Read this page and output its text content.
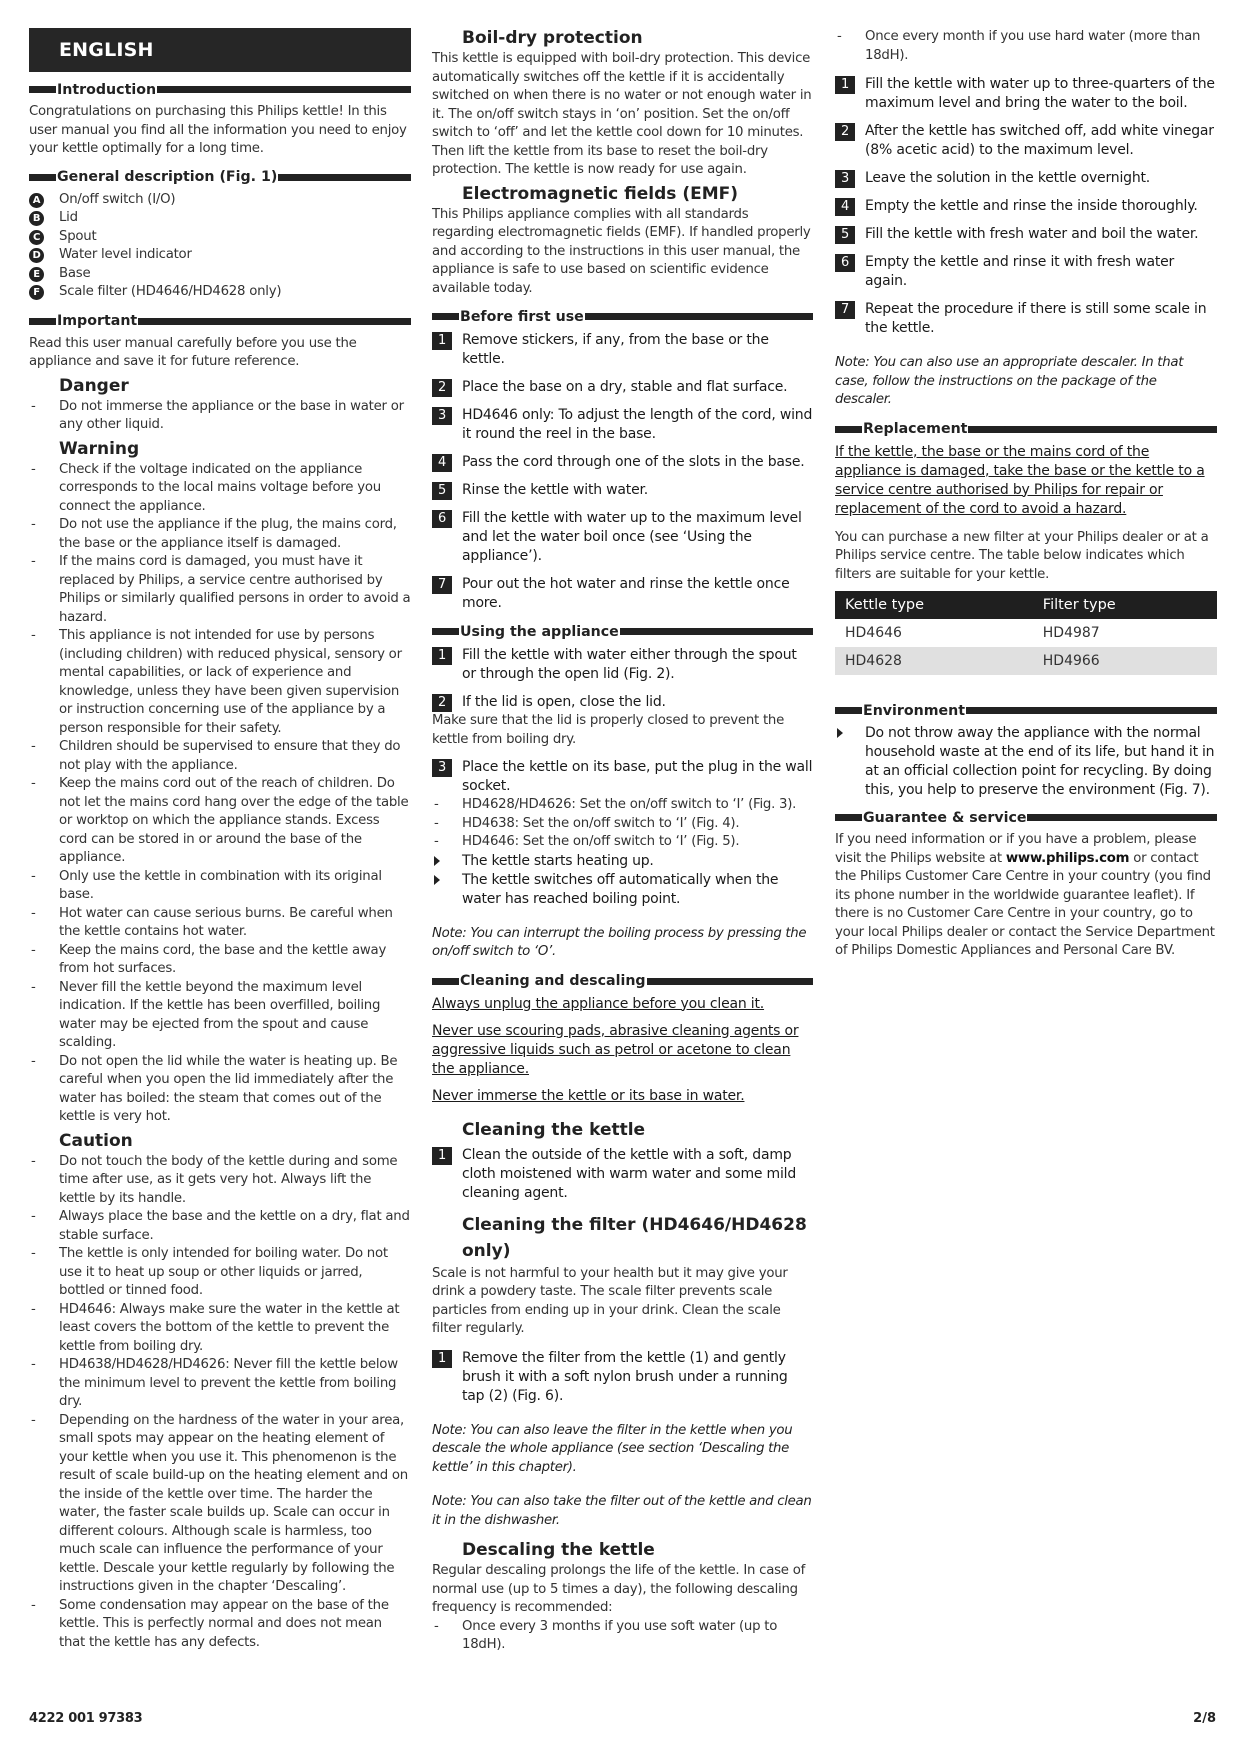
ENGLISH
Introduction

Congratulations on purchasing this Philips kettle! In this user manual you find all the information you need to enjoy your kettle optimally for a long time.

General description (Fig. 1)
A On/off switch (I/O)
B Lid
C Spout
D Water level indicator
E	Base
F	Scale filter (HD4646/HD4628 only)
Important

Read this user manual carefully before you use the appliance and save it for future reference.

Danger
- Do not immerse the appliance or the base in water or any other liquid.
Warning
- Check if the voltage indicated on the appliance corresponds to the local mains voltage before you connect the appliance.
- Do not use the appliance if the plug, the mains cord, the base or the appliance itself is damaged.
- If the mains cord is damaged, you must have it replaced by Philips, a service centre authorised by Philips or similarly qualified persons in order to avoid a hazard.
- This appliance is not intended for use by persons (including children) with reduced physical, sensory or mental capabilities, or lack of experience and knowledge, unless they have been given supervision or instruction concerning use of the appliance by a person responsible for their safety.
- Children should be supervised to ensure that they do not play with the appliance.
- Keep the mains cord out of the reach of children. Do not let the mains cord hang over the edge of the table or worktop on which the appliance stands. Excess cord can be stored in or around the base of the appliance.
- Only use the kettle in combination with its original base.
- Hot water can cause serious burns. Be careful when the kettle contains hot water.
- Keep the mains cord, the base and the kettle away from hot surfaces.
- Never fill the kettle beyond the maximum level indication. If the kettle has been overfilled, boiling water may be ejected from the spout and cause scalding.
- Do not open the lid while the water is heating up. Be careful when you open the lid immediately after the water has boiled: the steam that comes out of the kettle is very hot.
Caution
- Do not touch the body of the kettle during and some time after use, as it gets very hot. Always lift the kettle by its handle.
- Always place the base and the kettle on a dry, flat and stable surface.
- The kettle is only intended for boiling water. Do not use it to heat up soup or other liquids or jarred, bottled or tinned food.
- HD4646: Always make sure the water in the kettle at least covers the bottom of the kettle to prevent the kettle from boiling dry.
- HD4638/HD4628/HD4626: Never fill the kettle below the minimum level to prevent the kettle from boiling dry.
- Depending on the hardness of the water in your area, small spots may appear on the heating element of your kettle when you use it. This phenomenon is the result of scale build-up on the heating element and on the inside of the kettle over time. The harder the water, the faster scale builds up. Scale can occur in different colours. Although scale is harmless, too much scale can influence the performance of your kettle. Descale your kettle regularly by following the instructions given in the chapter ‘Descaling’.
- Some condensation may appear on the base of the kettle. This is perfectly normal and does not mean that the kettle has any defects.
Boil-dry protection

This kettle is equipped with boil-dry protection. This device automatically switches off the kettle if it is accidentally switched on when there is no water or not enough water in it. The on/off switch stays in ‘on’ position. Set the on/off switch to ‘off’ and let the kettle cool down for 10 minutes. Then lift the kettle from its base to reset the boil-dry protection. The kettle is now ready for use again.

Electromagnetic fields (EMF)

This Philips appliance complies with all standards regarding electromagnetic fields (EMF). If handled properly and according to the instructions in this user manual, the appliance is safe to use based on scientific evidence available today.

Before first use
1	Remove stickers, if any, from the base or the kettle.
2	Place the base on a dry, stable and flat surface.
3	HD4646 only: To adjust the length of the cord, wind it round the reel in the base.
4	Pass the cord through one of the slots in the base.
5	Rinse the kettle with water.
6	Fill the kettle with water up to the maximum level and let the water boil once (see ‘Using the appliance’).
7	Pour out the hot water and rinse the kettle once more.
Using the appliance
1	Fill the kettle with water either through the spout or through the open lid (Fig. 2).
2	If the lid is open, close the lid.

Make sure that the lid is properly closed to prevent the kettle from boiling dry.

3	Place the kettle on its base, put the plug in the wall socket.
- HD4628/HD4626: Set the on/off switch to ‘I’ (Fig. 3).
- HD4638: Set the on/off switch to ‘I’ (Fig. 4).
- HD4646: Set the on/off switch to ‘I’ (Fig. 5).
The kettle starts heating up.
The kettle switches off automatically when the water has reached boiling point.

Note: You can interrupt the boiling process by pressing the on/off switch to ‘O’.

Cleaning and descaling
Always unplug the appliance before you clean it.
Never use scouring pads, abrasive cleaning agents or aggressive liquids such as petrol or acetone to clean the appliance.
Never immerse the kettle or its base in water.
Cleaning the kettle
1	Clean the outside of the kettle with a soft, damp cloth moistened with warm water and some mild cleaning agent.
Cleaning the filter (HD4646/HD4628 only)

Scale is not harmful to your health but it may give your drink a powdery taste. The scale filter prevents scale particles from ending up in your drink. Clean the scale filter regularly.

1	Remove the filter from the kettle (1) and gently brush it with a soft nylon brush under a running tap (2) (Fig. 6).

Note: You can also leave the filter in the kettle when you descale the whole appliance (see section ‘Descaling the kettle’ in this chapter).

Note: You can also take the filter out of the kettle and clean it in the dishwasher.

Descaling the kettle

Regular descaling prolongs the life of the kettle. In case of normal use (up to 5 times a day), the following descaling frequency is recommended:

- Once every 3 months if you use soft water (up to 18dH).
- Once every month if you use hard water (more than 18dH).
1	Fill the kettle with water up to three-quarters of the maximum level and bring the water to the boil.
2	After the kettle has switched off, add white vinegar (8% acetic acid) to the maximum level.
3	Leave the solution in the kettle overnight.
4	Empty the kettle and rinse the inside thoroughly.
5	Fill the kettle with fresh water and boil the water.
6	Empty the kettle and rinse it with fresh water again.
7	Repeat the procedure if there is still some scale in the kettle.

Note: You can also use an appropriate descaler. In that case, follow the instructions on the package of the descaler.

Replacement
If the kettle, the base or the mains cord of the appliance is damaged, take the base or the kettle to a service centre authorised by Philips for repair or replacement of the cord to avoid a hazard.

You can purchase a new filter at your Philips dealer or at a Philips service centre. The table below indicates which filters are suitable for your kettle.

Kettle type	Filter type
HD4646	HD4987
HD4628	HD4966
Environment
Do not throw away the appliance with the normal household waste at the end of its life, but hand it in at an official collection point for recycling. By doing this, you help to preserve the environment (Fig. 7).
Guarantee & service

If you need information or if you have a problem, please visit the Philips website at www.philips.com or contact the Philips Customer Care Centre in your country (you find its phone number in the worldwide guarantee leaflet). If there is no Customer Care Centre in your country, go to your local Philips dealer or contact the Service Department of Philips Domestic Appliances and Personal Care BV.

4222 001 97383	2/8
